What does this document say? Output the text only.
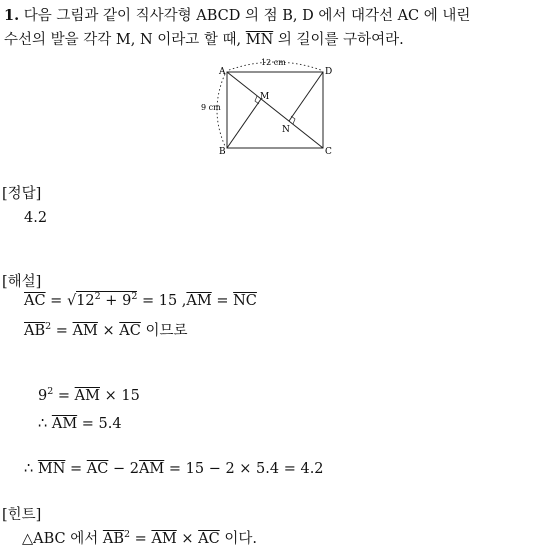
1. 다음 그림과 같이 직사각형 ABCD 의 점 B, D 에서 대각선 AC 에 내린
수선의 발을 각각 M, N 이라고 할 때, $\overline{MN}$ 의 길이를 구하여라.
A
B	C
D
M
N
12 cm
9 cm
[정답]
4.2
[해설]
$\overline{AC} = √12^2 + 9^2 = 15$ $,\overline{AM} = \overline{NC}$
$\overline{AB}^2 = \overline{AM} \times \overline{AC}$ 이므로
$9^2 = \overline{AM} \times 15$
∴ $\overline{AM} = 5.4$
∴ $\overline{MN} = \overline{AC} - 2\overline{AM} = 15 - 2 \times 5.4 = 4.2$
[힌트]
△ABC 에서 $\overline{AB}^2 = \overline{AM} \times \overline{AC}$ 이다.
